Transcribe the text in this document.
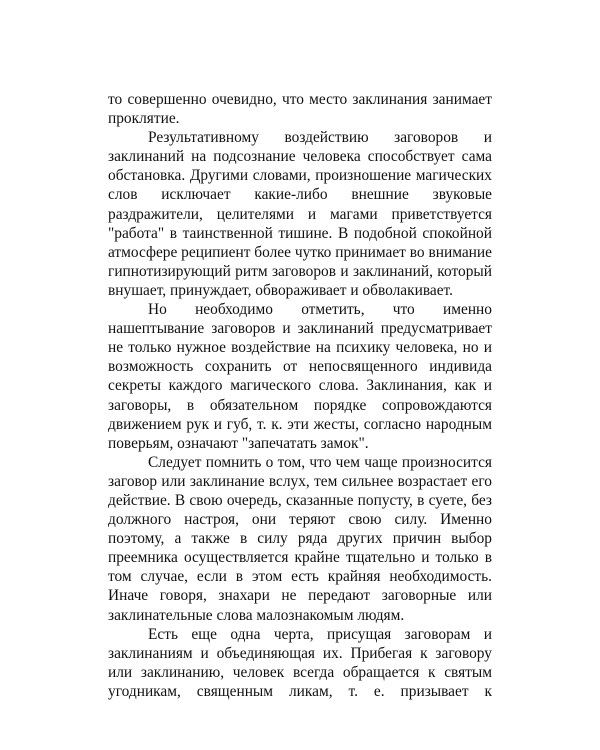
то совершенно очевидно, что место заклинания занимает проклятие.

Результативному воздействию заговоров и заклинаний на подсознание человека способствует сама обстановка. Другими словами, произношение магических слов исключает какие-либо внешние звуковые раздражители, целителями и магами приветствуется "работа" в таинственной тишине. В подобной спокойной атмосфере реципиент более чутко принимает во внимание гипнотизирующий ритм заговоров и заклинаний, который внушает, принуждает, обвораживает и обволакивает.

Но необходимо отметить, что именно нашептывание заговоров и заклинаний предусматривает не только нужное воздействие на психику человека, но и возможность сохранить от непосвященного индивида секреты каждого магического слова. Заклинания, как и заговоры, в обязательном порядке сопровождаются движением рук и губ, т. к. эти жесты, согласно народным поверьям, означают "запечатать замок".

Следует помнить о том, что чем чаще произносится заговор или заклинание вслух, тем сильнее возрастает его действие. В свою очередь, сказанные попусту, в суете, без должного настроя, они теряют свою силу. Именно поэтому, а также в силу ряда других причин выбор преемника осуществляется крайне тщательно и только в том случае, если в этом есть крайняя необходимость. Иначе говоря, знахари не передают заговорные или заклинательные слова малознакомым людям.

Есть еще одна черта, присущая заговорам и заклинаниям и объединяющая их. Прибегая к заговору или заклинанию, человек всегда обращается к святым угодникам, священным ликам, т. е. призывает к
